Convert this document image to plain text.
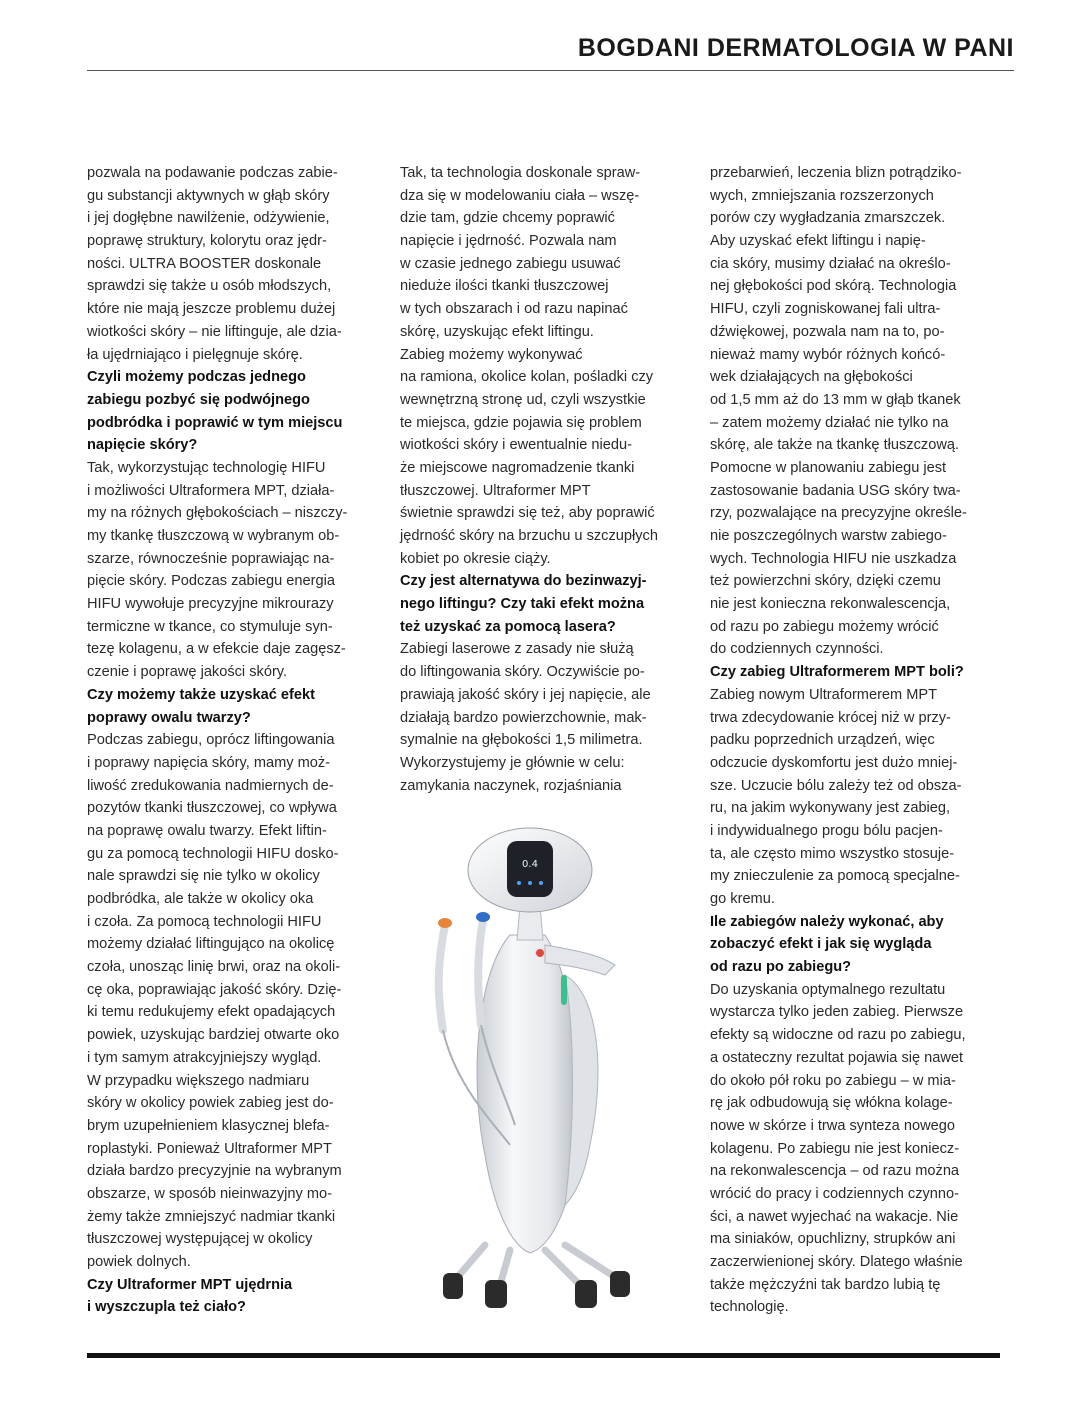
BOGDANI DERMATOLOGIA W PANI
pozwala na podawanie podczas zabie-
gu substancji aktywnych w głąb skóry
i jej dogłębne nawilżenie, odżywienie,
poprawę struktury, kolorytu oraz jędr-
ności. ULTRA BOOSTER doskonale
sprawdzi się także u osób młodszych,
które nie mają jeszcze problemu dużej
wiotkości skóry – nie liftinguje, ale dzia-
ła ujędrniająco i pielęgnuje skórę.
Czyli możemy podczas jednego
zabiegu pozbyć się podwójnego
podbródka i poprawić w tym miejscu
napięcie skóry?
Tak, wykorzystując technologię HIFU
i możliwości Ultraformera MPT, działa-
my na różnych głębokościach – niszczy-
my tkankę tłuszczową w wybranym ob-
szarze, równocześnie poprawiając na-
pięcie skóry. Podczas zabiegu energia
HIFU wywołuje precyzyjne mikrourazy
termiczne w tkance, co stymuluje syn-
tezę kolagenu, a w efekcie daje zagęsz-
czenie i poprawę jakości skóry.
Czy możemy także uzyskać efekt
poprawy owalu twarzy?
Podczas zabiegu, oprócz liftingowania
i poprawy napięcia skóry, mamy moż-
liwość zredukowania nadmiernych de-
pozytów tkanki tłuszczowej, co wpływa
na poprawę owalu twarzy. Efekt liftin-
gu za pomocą technologii HIFU dosko-
nale sprawdzi się nie tylko w okolicy
podbródka, ale także w okolicy oka
i czoła. Za pomocą technologii HIFU
możemy działać liftingująco na okolicę
czoła, unosząc linię brwi, oraz na okoli-
cę oka, poprawiając jakość skóry. Dzię-
ki temu redukujemy efekt opadających
powiek, uzyskując bardziej otwarte oko
i tym samym atrakcyjniejszy wygląd.
W przypadku większego nadmiaru
skóry w okolicy powiek zabieg jest do-
brym uzupełnieniem klasycznej blefa-
roplastyki. Ponieważ Ultraformer MPT
działa bardzo precyzyjnie na wybranym
obszarze, w sposób nieinwazyjny mo-
żemy także zmniejszyć nadmiar tkanki
tłuszczowej występującej w okolicy
powiek dolnych.
Czy Ultraformer MPT ujędrnia
i wyszczupla też ciało?
Tak, ta technologia doskonale spraw-
dza się w modelowaniu ciała – wszę-
dzie tam, gdzie chcemy poprawić
napięcie i jędrność. Pozwala nam
w czasie jednego zabiegu usuwać
nieduże ilości tkanki tłuszczowej
w tych obszarach i od razu napinać
skórę, uzyskując efekt liftingu.
Zabieg możemy wykonywać
na ramiona, okolice kolan, pośladki czy
wewnętrzną stronę ud, czyli wszystkie
te miejsca, gdzie pojawia się problem
wiotkości skóry i ewentualnie niedu-
że miejscowe nagromadzenie tkanki
tłuszczowej. Ultraformer MPT
świetnie sprawdzi się też, aby poprawić
jędrność skóry na brzuchu u szczupłych
kobiet po okresie ciąży.
Czy jest alternatywa do bezinwazyj-
nego liftingu? Czy taki efekt można
też uzyskać za pomocą lasera?
Zabiegi laserowe z zasady nie służą
do liftingowania skóry. Oczywiście po-
prawiają jakość skóry i jej napięcie, ale
działają bardzo powierzchownie, mak-
symalnie na głębokości 1,5 milimetra.
Wykorzystujemy je głównie w celu:
zamykania naczynek, rozjaśniania
przebarwień, leczenia blizn potrądziko-
wych, zmniejszania rozszerzonych
porów czy wygładzania zmarszczek.
Aby uzyskać efekt liftingu i napię-
cia skóry, musimy działać na określo-
nej głębokości pod skórą. Technologia
HIFU, czyli zogniskowanej fali ultra-
dźwiękowej, pozwala nam na to, po-
nieważ mamy wybór różnych końcó-
wek działających na głębokości
od 1,5 mm aż do 13 mm w głąb tkanek
– zatem możemy działać nie tylko na
skórę, ale także na tkankę tłuszczową.
Pomocne w planowaniu zabiegu jest
zastosowanie badania USG skóry twa-
rzy, pozwalające na precyzyjne określe-
nie poszczególnych warstw zabiego-
wych. Technologia HIFU nie uszkadza
też powierzchni skóry, dzięki czemu
nie jest konieczna rekonwalescencja,
od razu po zabiegu możemy wrócić
do codziennych czynności.
Czy zabieg Ultraformerem MPT boli?
Zabieg nowym Ultraformerem MPT
trwa zdecydowanie krócej niż w przy-
padku poprzednich urządzeń, więc
odczucie dyskomfortu jest dużo mniej-
sze. Uczucie bólu zależy też od obsza-
ru, na jakim wykonywany jest zabieg,
i indywidualnego progu bólu pacjen-
ta, ale często mimo wszystko stosuje-
my znieczulenie za pomocą specjalne-
go kremu.
Ile zabiegów należy wykonać, aby
zobaczyć efekt i jak się wygląda
od razu po zabiegu?
Do uzyskania optymalnego rezultatu
wystarcza tylko jeden zabieg. Pierwsze
efekty są widoczne od razu po zabiegu,
a ostateczny rezultat pojawia się nawet
do około pół roku po zabiegu – w mia-
rę jak odbudowują się włókna kolage-
nowe w skórze i trwa synteza nowego
kolagenu. Po zabiegu nie jest koniecz-
na rekonwalescencja – od razu można
wrócić do pracy i codziennych czynno-
ści, a nawet wyjechać na wakacje. Nie
ma siniaków, opuchlizny, strupków ani
zaczerwienionej skóry. Dlatego właśnie
także mężczyźni tak bardzo lubią tę
technologię.
0.4
